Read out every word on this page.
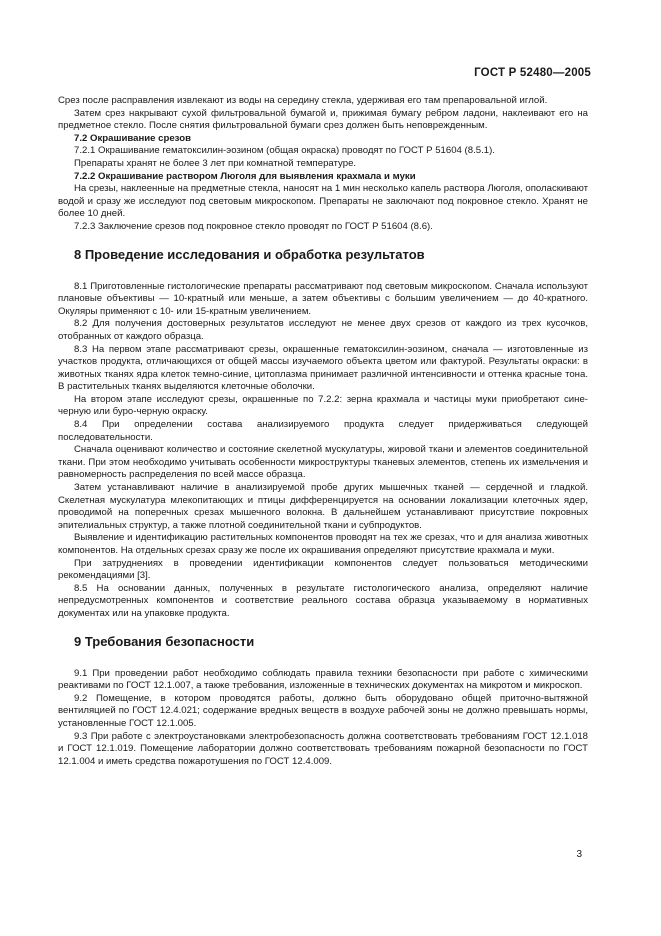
ГОСТ Р 52480—2005

Срез после расправления извлекают из воды на середину стекла, удерживая его там препаровальной иглой.

Затем срез накрывают сухой фильтровальной бумагой и, прижимая бумагу ребром ладони, наклеивают его на предметное стекло. После снятия фильтровальной бумаги срез должен быть неповрежденным.

7.2 Окрашивание срезов

7.2.1 Окрашивание гематоксилин-эозином (общая окраска) проводят по ГОСТ Р 51604 (8.5.1).

Препараты хранят не более 3 лет при комнатной температуре.

7.2.2 Окрашивание раствором Люголя для выявления крахмала и муки

На срезы, наклеенные на предметные стекла, наносят на 1 мин несколько капель раствора Люголя, ополаскивают водой и сразу же исследуют под световым микроскопом. Препараты не заключают под покровное стекло. Хранят не более 10 дней.

7.2.3 Заключение срезов под покровное стекло проводят по ГОСТ Р 51604 (8.6).

8 Проведение исследования и обработка результатов

8.1 Приготовленные гистологические препараты рассматривают под световым микроскопом. Сначала используют плановые объективы — 10-кратный или меньше, а затем объективы с большим увеличением — до 40-кратного. Окуляры применяют с 10- или 15-кратным увеличением.

8.2 Для получения достоверных результатов исследуют не менее двух срезов от каждого из трех кусочков, отобранных от каждого образца.

8.3 На первом этапе рассматривают срезы, окрашенные гематоксилин-эозином, сначала — изготовленные из участков продукта, отличающихся от общей массы изучаемого объекта цветом или фактурой. Результаты окраски: в животных тканях ядра клеток темно-синие, цитоплазма принимает различной интенсивности и оттенка красные тона. В растительных тканях выделяются клеточные оболочки.

На втором этапе исследуют срезы, окрашенные по 7.2.2: зерна крахмала и частицы муки приобретают сине-черную или буро-черную окраску.

8.4 При определении состава анализируемого продукта следует придерживаться следующей последовательности.

Сначала оценивают количество и состояние скелетной мускулатуры, жировой ткани и элементов соединительной ткани. При этом необходимо учитывать особенности микроструктуры тканевых элементов, степень их измельчения и равномерность распределения по всей массе образца.

Затем устанавливают наличие в анализируемой пробе других мышечных тканей — сердечной и гладкой. Скелетная мускулатура млекопитающих и птицы дифференцируется на основании локализации клеточных ядер, проводимой на поперечных срезах мышечного волокна. В дальнейшем устанавливают присутствие покровных эпителиальных структур, а также плотной соединительной ткани и субпродуктов.

Выявление и идентификацию растительных компонентов проводят на тех же срезах, что и для анализа животных компонентов. На отдельных срезах сразу же после их окрашивания определяют присутствие крахмала и муки.

При затруднениях в проведении идентификации компонентов следует пользоваться методическими рекомендациями [3].

8.5 На основании данных, полученных в результате гистологического анализа, определяют наличие непредусмотренных компонентов и соответствие реального состава образца указываемому в нормативных документах или на упаковке продукта.

9 Требования безопасности

9.1 При проведении работ необходимо соблюдать правила техники безопасности при работе с химическими реактивами по ГОСТ 12.1.007, а также требования, изложенные в технических документах на микротом и микроскоп.

9.2 Помещение, в котором проводятся работы, должно быть оборудовано общей приточно-вытяжной вентиляцией по ГОСТ 12.4.021; содержание вредных веществ в воздухе рабочей зоны не должно превышать нормы, установленные ГОСТ 12.1.005.

9.3 При работе с электроустановками электробезопасность должна соответствовать требованиям ГОСТ 12.1.018 и ГОСТ 12.1.019. Помещение лаборатории должно соответствовать требованиям пожарной безопасности по ГОСТ 12.1.004 и иметь средства пожаротушения по ГОСТ 12.4.009.

3
